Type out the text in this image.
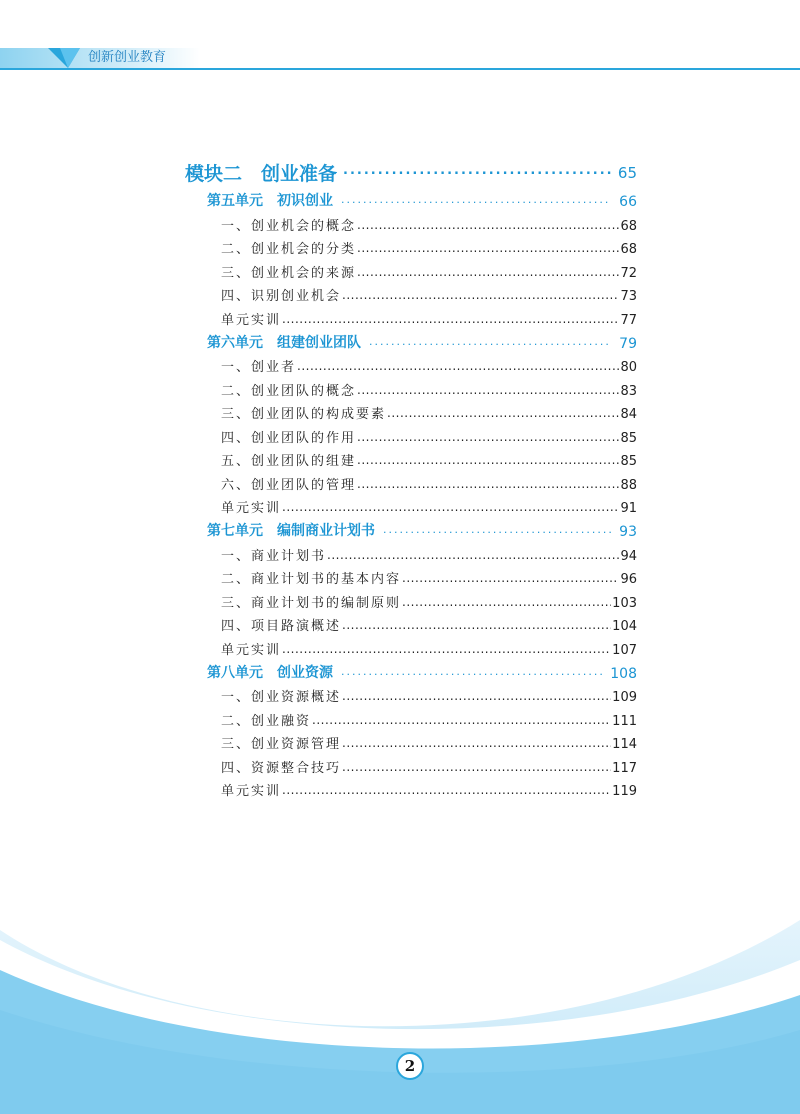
创新创业教育
模块二　创业准备 .....	65
第五单元　初识创业 .....	66
一、创业机会的概念 .....	68
二、创业机会的分类 .....	68
三、创业机会的来源 .....	72
四、识别创业机会 .....	73
单元实训 .....	77
第六单元　组建创业团队 .....	79
一、创业者 .....	80
二、创业团队的概念 .....	83
三、创业团队的构成要素 .....	84
四、创业团队的作用 .....	85
五、创业团队的组建 .....	85
六、创业团队的管理 .....	88
单元实训 .....	91
第七单元　编制商业计划书 .....	93
一、商业计划书 .....	94
二、商业计划书的基本内容 .....	96
三、商业计划书的编制原则 .....	103
四、项目路演概述 .....	104
单元实训 .....	107
第八单元　创业资源 .....	108
一、创业资源概述 .....	109
二、创业融资 .....	111
三、创业资源管理 .....	114
四、资源整合技巧 .....	117
单元实训 .....	119
2
